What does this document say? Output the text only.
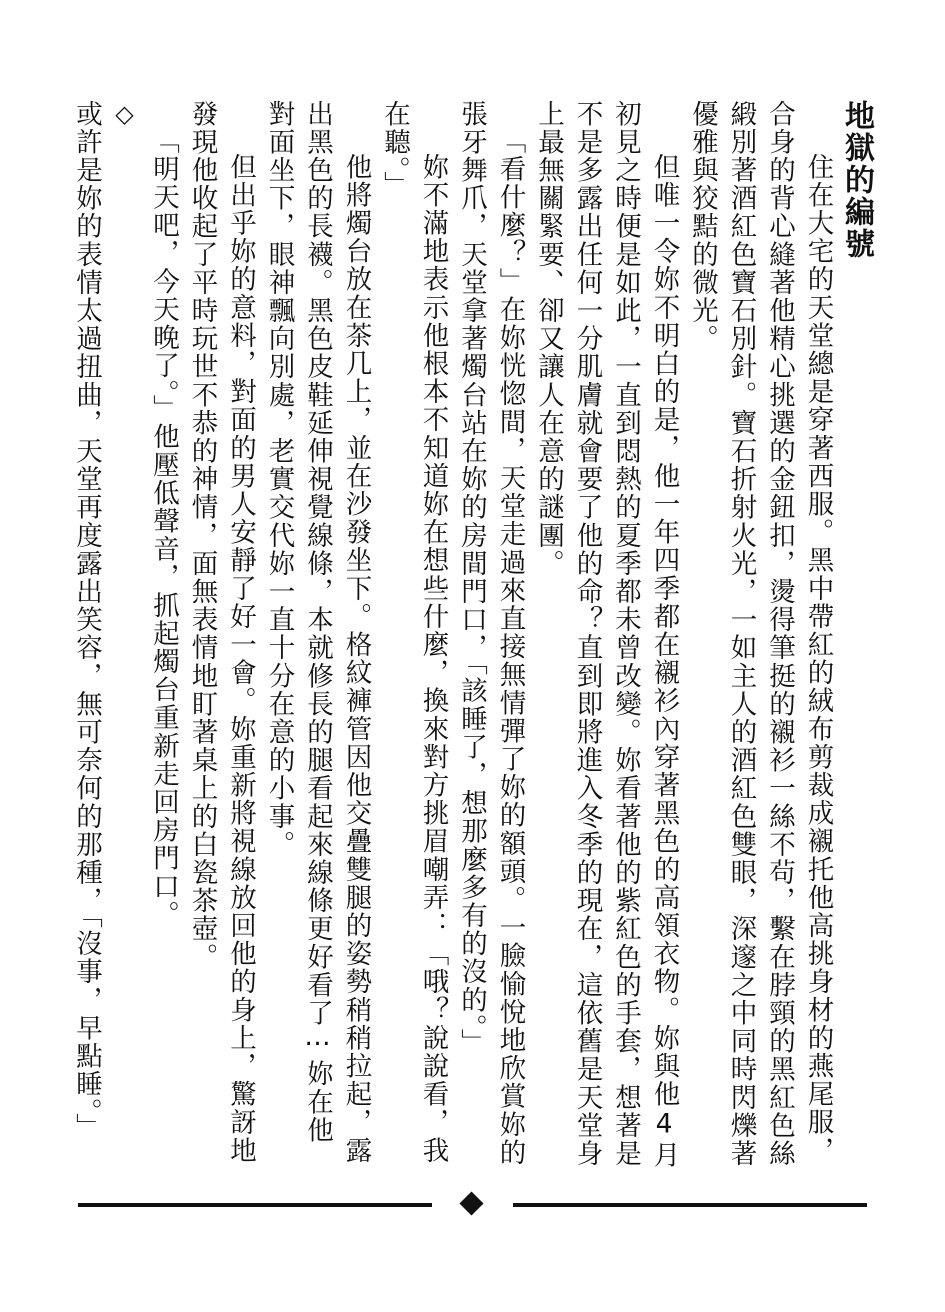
地獄的編號

住在大宅的天堂總是穿著西服。黑中帶紅的絨布剪裁成襯托他高挑身材的燕尾服，合身的背心縫著他精心挑選的金鈕扣，燙得筆挺的襯衫一絲不茍，繫在脖頸的黑紅色絲緞別著酒紅色寶石別針。寶石折射火光，一如主人的酒紅色雙眼，深邃之中同時閃爍著優雅與狡黠的微光。

但唯一令妳不明白的是，他一年四季都在襯衫內穿著黑色的高領衣物。妳與他4月初見之時便是如此，一直到悶熱的夏季都未曾改變。妳看著他的紫紅色的手套，想著是不是多露出任何一分肌膚就會要了他的命？直到即將進入冬季的現在，這依舊是天堂身上最無關緊要、卻又讓人在意的謎團。

「看什麼？」在妳恍惚間，天堂走過來直接無情彈了妳的額頭。一臉愉悅地欣賞妳的張牙舞爪，天堂拿著燭台站在妳的房間門口，「該睡了，想那麼多有的沒的。」

妳不滿地表示他根本不知道妳在想些什麼，換來對方挑眉嘲弄：「哦？說說看，我在聽。」

他將燭台放在茶几上，並在沙發坐下。格紋褲管因他交疊雙腿的姿勢稍稍拉起，露出黑色的長襪。黑色皮鞋延伸視覺線條，本就修長的腿看起來線條更好看了⋯妳在他對面坐下，眼神飄向別處，老實交代妳一直十分在意的小事。

但出乎妳的意料，對面的男人安靜了好一會。妳重新將視線放回他的身上，驚訝地發現他收起了平時玩世不恭的神情，面無表情地盯著桌上的白瓷茶壺。

「明天吧，今天晚了。」他壓低聲音，抓起燭台重新走回房門口。

◇

或許是妳的表情太過扭曲，天堂再度露出笑容，無可奈何的那種，「沒事，早點睡。」
